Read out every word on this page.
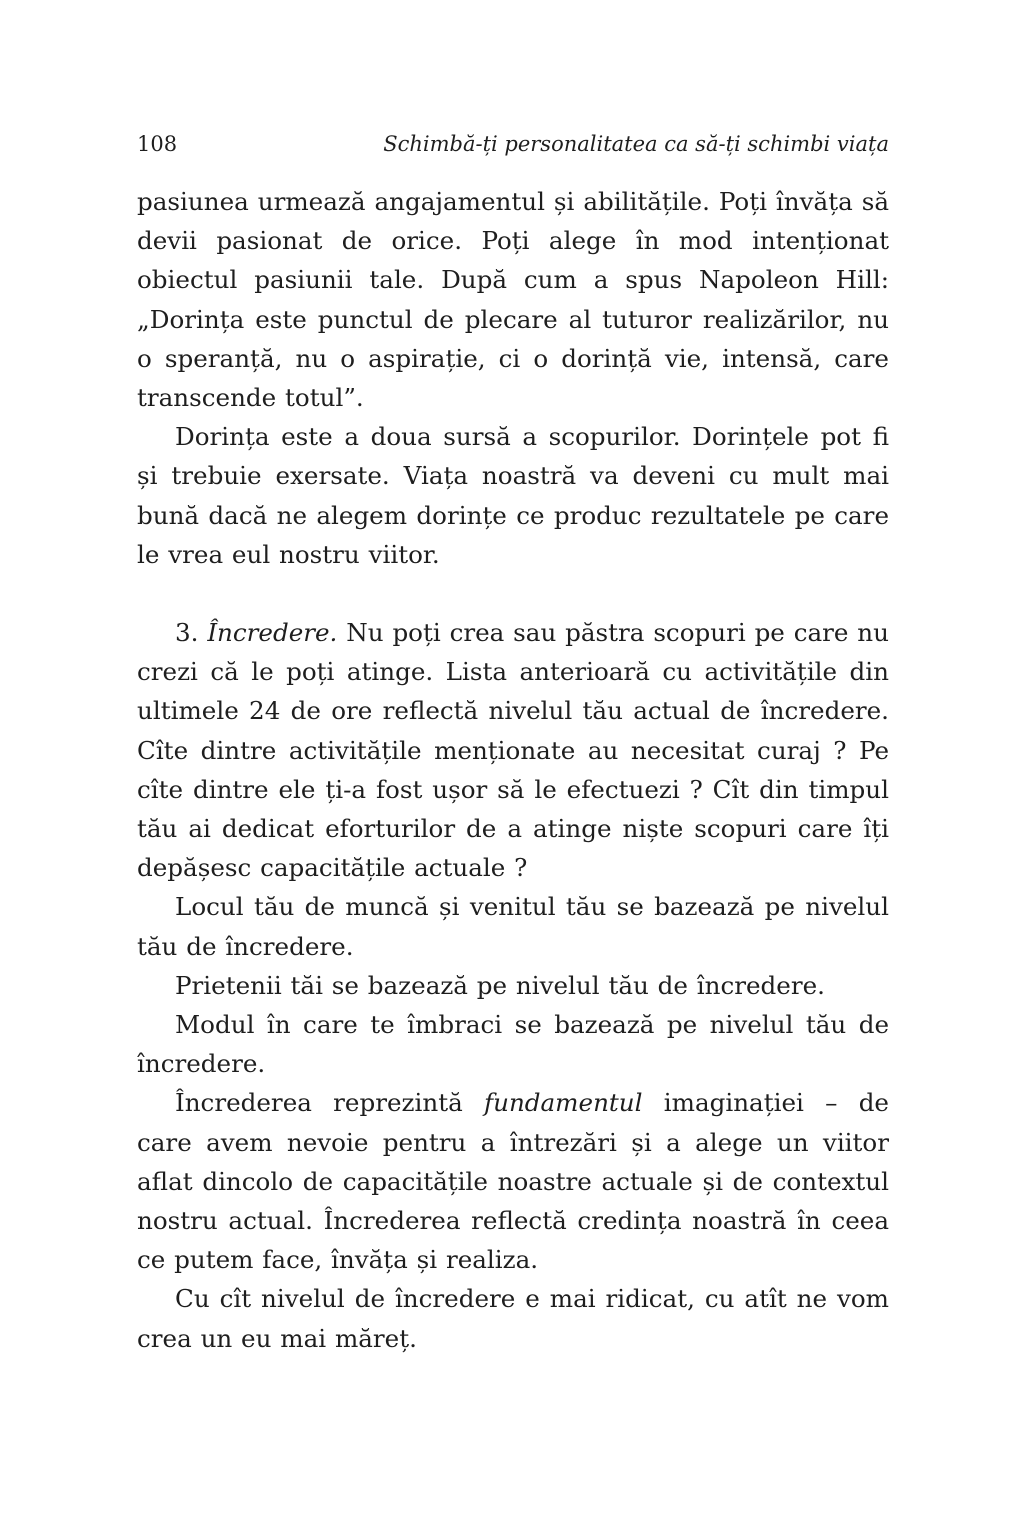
108	Schimbă-ți personalitatea ca să-ți schimbi viața

pasiunea urmează angajamentul și abilitățile. Poți învăța să devii pasionat de orice. Poți alege în mod intenționat obiectul pasiunii tale. După cum a spus Napoleon Hill: „Dorința este punctul de plecare al tuturor realizărilor, nu o speranță, nu o aspirație, ci o dorință vie, intensă, care transcende totul”.

Dorința este a doua sursă a scopurilor. Dorințele pot fi și trebuie exersate. Viața noastră va deveni cu mult mai bună dacă ne alegem dorințe ce produc rezultatele pe care le vrea eul nostru viitor.

3. Încredere. Nu poți crea sau păstra scopuri pe care nu crezi că le poți atinge. Lista anterioară cu activitățile din ultimele 24 de ore reflectă nivelul tău actual de încredere. Cîte dintre activitățile menționate au necesitat curaj ? Pe cîte dintre ele ți-a fost ușor să le efectuezi ? Cît din timpul tău ai dedicat eforturilor de a atinge niște scopuri care îți depășesc capacitățile actuale ?

Locul tău de muncă și venitul tău se bazează pe nivelul tău de încredere.

Prietenii tăi se bazează pe nivelul tău de încredere.

Modul în care te îmbraci se bazează pe nivelul tău de încredere.

Încrederea reprezintă fundamentul imaginației – de care avem nevoie pentru a întrezări și a alege un viitor aflat dincolo de capacitățile noastre actuale și de contextul nostru actual. Încrederea reflectă credința noastră în ceea ce putem face, învăța și realiza.

Cu cît nivelul de încredere e mai ridicat, cu atît ne vom crea un eu mai măreț.
